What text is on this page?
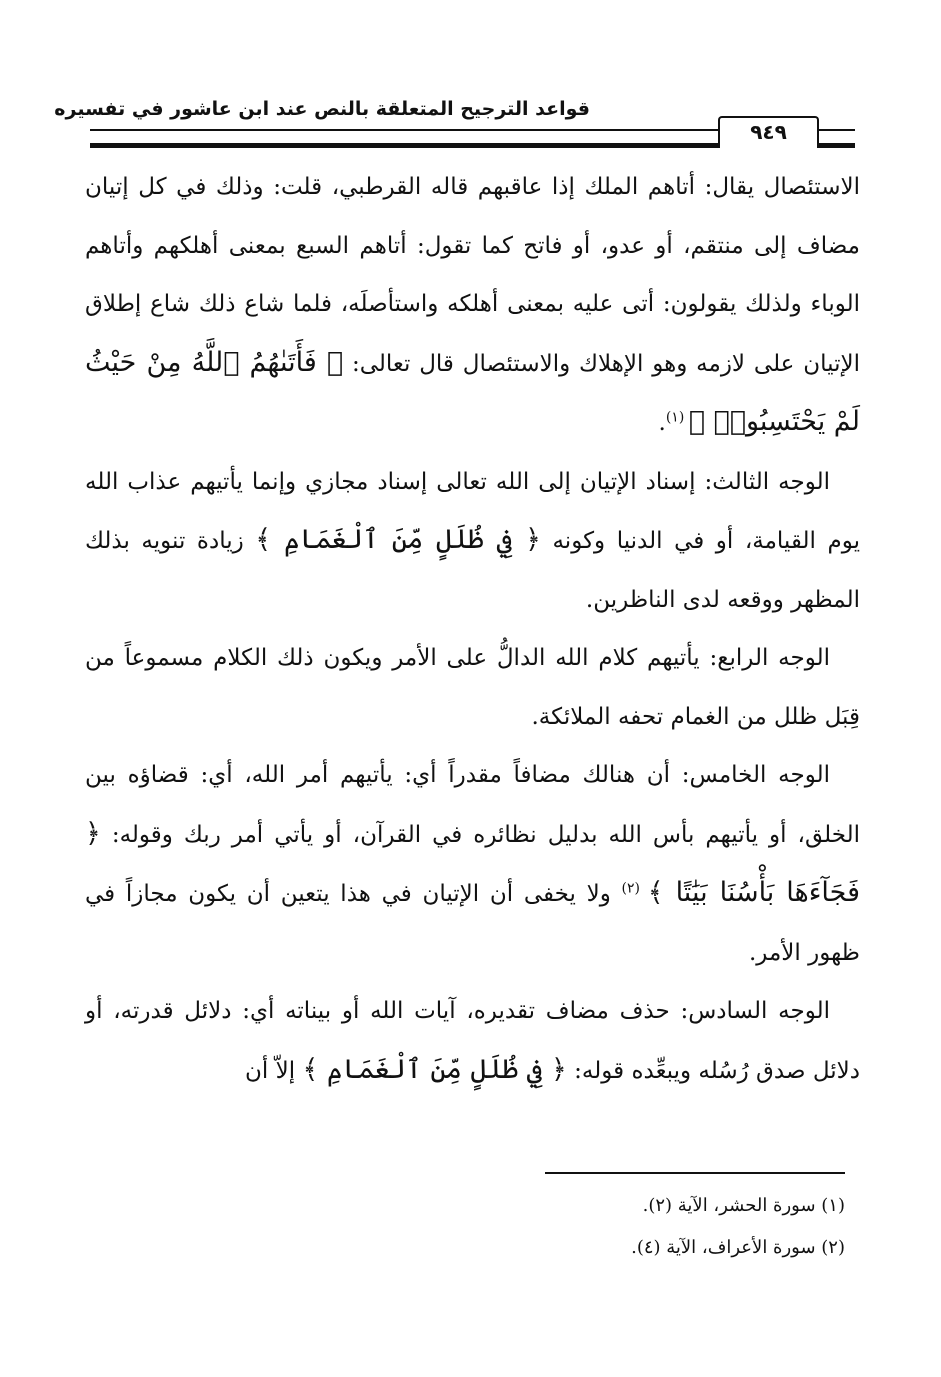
قواعد الترجيح المتعلقة بالنص عند ابن عاشور في تفسيره
٩٤٩

الاستئصال يقال: أتاهم الملك إذا عاقبهم قاله القرطبي، قلت: وذلك في كل إتيان مضاف إلى منتقم، أو عدو، أو فاتح كما تقول: أتاهم السبع بمعنى أهلكهم وأتاهم الوباء ولذلك يقولون: أتى عليه بمعنى أهلكه واستأصلَه، فلما شاع ذلك شاع إطلاق الإتيان على لازمه وهو الإهلاك والاستئصال قال تعالى: ﴿ فَأَتَىٰهُمُ ٱللَّهُ مِنْ حَيْثُ لَمْ يَحْتَسِبُوا۟ ﴾ $^{(١)}$.

الوجه الثالث: إسناد الإتيان إلى الله تعالى إسناد مجازي وإنما يأتيهم عذاب الله يوم القيامة، أو في الدنيا وكونه ﴿ فِي ظُلَلٍ مِّنَ ٱلْغَمَامِ ﴾ زيادة تنويه بذلك المظهر ووقعه لدى الناظرين.

الوجه الرابع: يأتيهم كلام الله الدالُّ على الأمر ويكون ذلك الكلام مسموعاً من قِبَل ظلل من الغمام تحفه الملائكة.

الوجه الخامس: أن هنالك مضافاً مقدراً أي: يأتيهم أمر الله، أي: قضاؤه بين الخلق، أو يأتيهم بأس الله بدليل نظائره في القرآن، أو يأتي أمر ربك وقوله: ﴿ فَجَآءَهَا بَأْسُنَا بَيَٰتًا ﴾ $^{(٢)}$ ولا يخفى أن الإتيان في هذا يتعين أن يكون مجازاً في ظهور الأمر.

الوجه السادس: حذف مضاف تقديره، آيات الله أو بيناته أي: دلائل قدرته، أو دلائل صدق رُسُله ويبعِّده قوله: ﴿ فِي ظُلَلٍ مِّنَ ٱلْغَمَامِ ﴾ إلاّ أن

(١) سورة الحشر، الآية (٢).

(٢) سورة الأعراف، الآية (٤).
